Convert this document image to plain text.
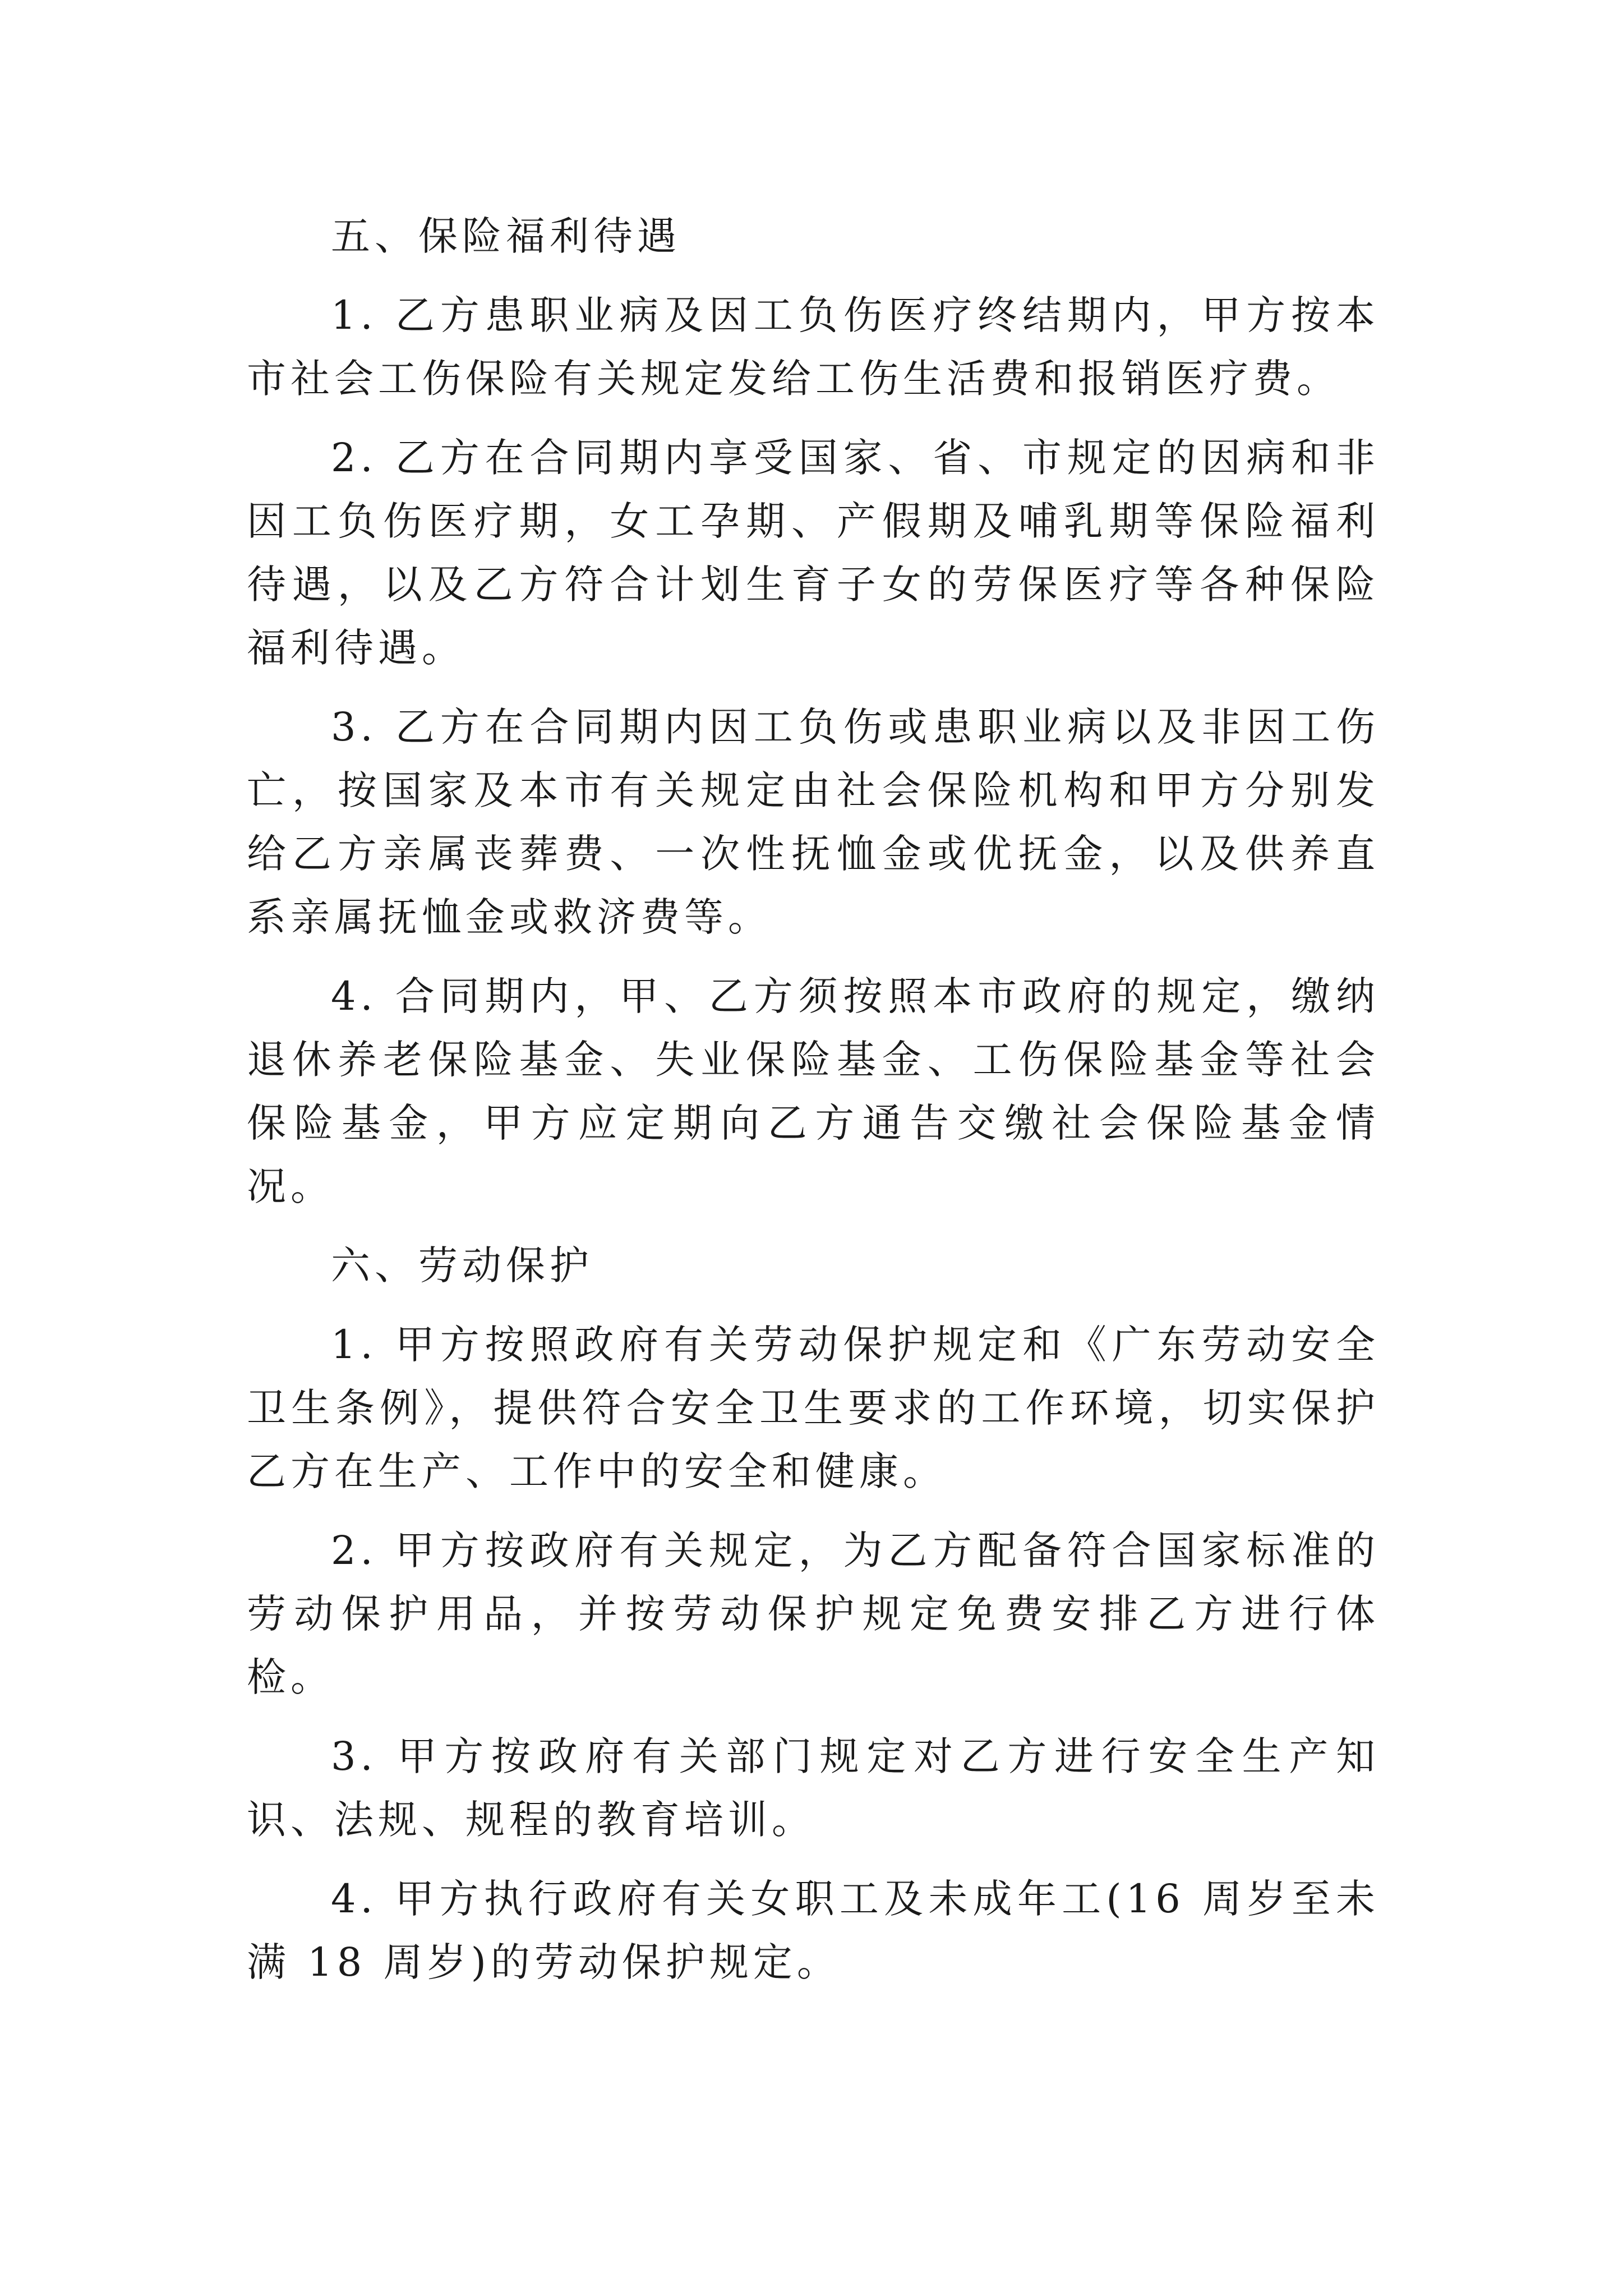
五、保险福利待遇

1. 乙方患职业病及因工负伤医疗终结期内，甲方按本市社会工伤保险有关规定发给工伤生活费和报销医疗费。

2. 乙方在合同期内享受国家、省、市规定的因病和非因工负伤医疗期，女工孕期、产假期及哺乳期等保险福利待遇，以及乙方符合计划生育子女的劳保医疗等各种保险福利待遇。

3. 乙方在合同期内因工负伤或患职业病以及非因工伤亡，按国家及本市有关规定由社会保险机构和甲方分别发给乙方亲属丧葬费、一次性抚恤金或优抚金，以及供养直系亲属抚恤金或救济费等。

4. 合同期内，甲、乙方须按照本市政府的规定，缴纳退休养老保险基金、失业保险基金、工伤保险基金等社会保险基金，甲方应定期向乙方通告交缴社会保险基金情况。

六、劳动保护

1. 甲方按照政府有关劳动保护规定和《广东劳动安全卫生条例》，提供符合安全卫生要求的工作环境，切实保护乙方在生产、工作中的安全和健康。

2. 甲方按政府有关规定，为乙方配备符合国家标准的劳动保护用品，并按劳动保护规定免费安排乙方进行体检。

3. 甲方按政府有关部门规定对乙方进行安全生产知识、法规、规程的教育培训。

4. 甲方执行政府有关女职工及未成年工(16 周岁至未满 18 周岁)的劳动保护规定。
